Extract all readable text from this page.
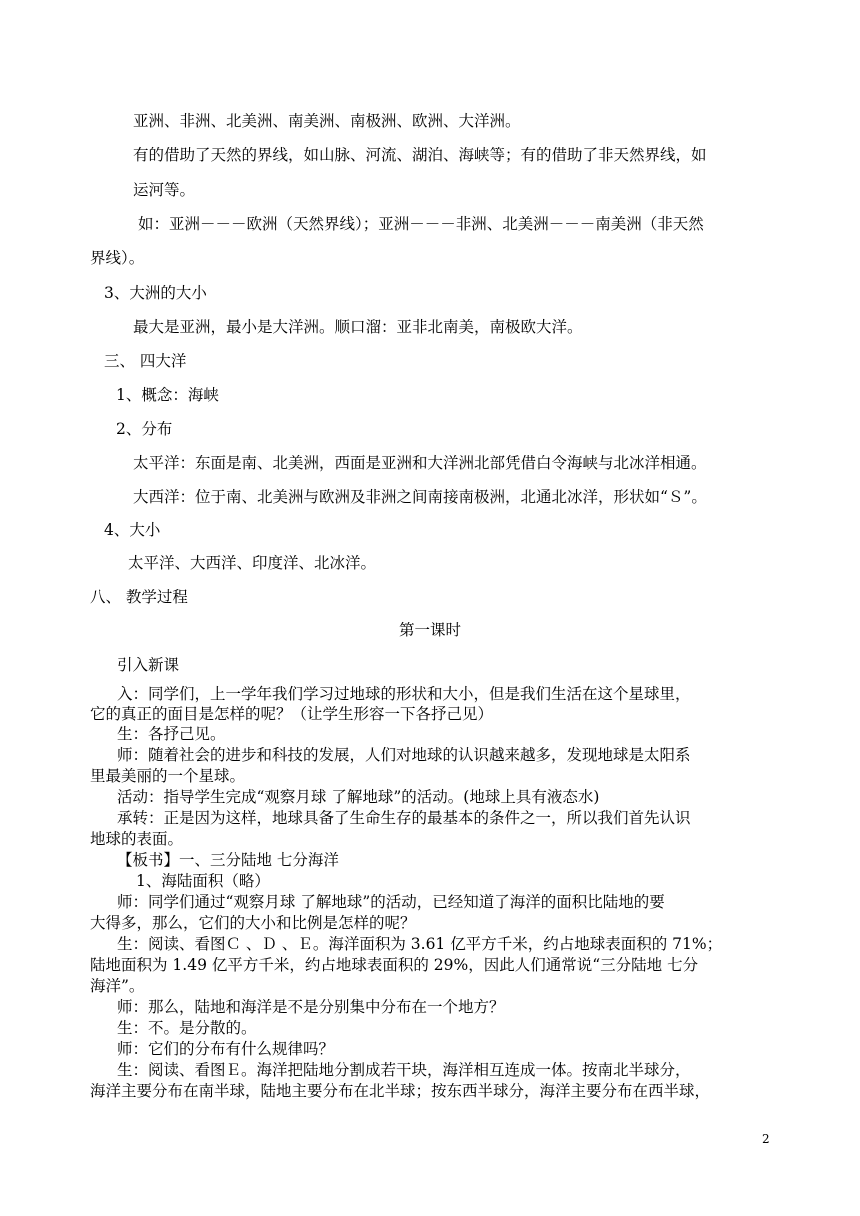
亚洲、非洲、北美洲、南美洲、南极洲、欧洲、大洋洲。

有的借助了天然的界线，如山脉、河流、湖泊、海峡等；有的借助了非天然界线，如

运河等。

如：亚洲－－－欧洲（天然界线）；亚洲－－－非洲、北美洲－－－南美洲（非天然

界线）。

3、大洲的大小

最大是亚洲，最小是大洋洲。顺口溜：亚非北南美，南极欧大洋。

三、 四大洋

1、概念：海峡

2、分布

太平洋：东面是南、北美洲，西面是亚洲和大洋洲北部凭借白令海峡与北冰洋相通。

大西洋：位于南、北美洲与欧洲及非洲之间南接南极洲，北通北冰洋，形状如“Ｓ”。

4、大小

太平洋、大西洋、印度洋、北冰洋。

八、 教学过程

第一课时

引入新课

入：同学们，上一学年我们学习过地球的形状和大小，但是我们生活在这个星球里，

它的真正的面目是怎样的呢？（让学生形容一下各抒己见）

生：各抒己见。

师：随着社会的进步和科技的发展，人们对地球的认识越来越多，发现地球是太阳系

里最美丽的一个星球。

活动：指导学生完成“观察月球 了解地球”的活动。(地球上具有液态水)

承转：正是因为这样，地球具备了生命生存的最基本的条件之一，所以我们首先认识

地球的表面。

【板书】一、三分陆地 七分海洋

1、海陆面积（略）

师：同学们通过“观察月球 了解地球”的活动，已经知道了海洋的面积比陆地的要

大得多，那么，它们的大小和比例是怎样的呢？

生：阅读、看图Ｃ 、Ｄ 、Ｅ。海洋面积为 3.61 亿平方千米，约占地球表面积的 71%；

陆地面积为 1.49 亿平方千米，约占地球表面积的 29%，因此人们通常说“三分陆地 七分

海洋”。

师：那么，陆地和海洋是不是分别集中分布在一个地方？

生：不。是分散的。

师：它们的分布有什么规律吗？

生：阅读、看图Ｅ。海洋把陆地分割成若干块，海洋相互连成一体。按南北半球分，

海洋主要分布在南半球，陆地主要分布在北半球；按东西半球分，海洋主要分布在西半球，

2
